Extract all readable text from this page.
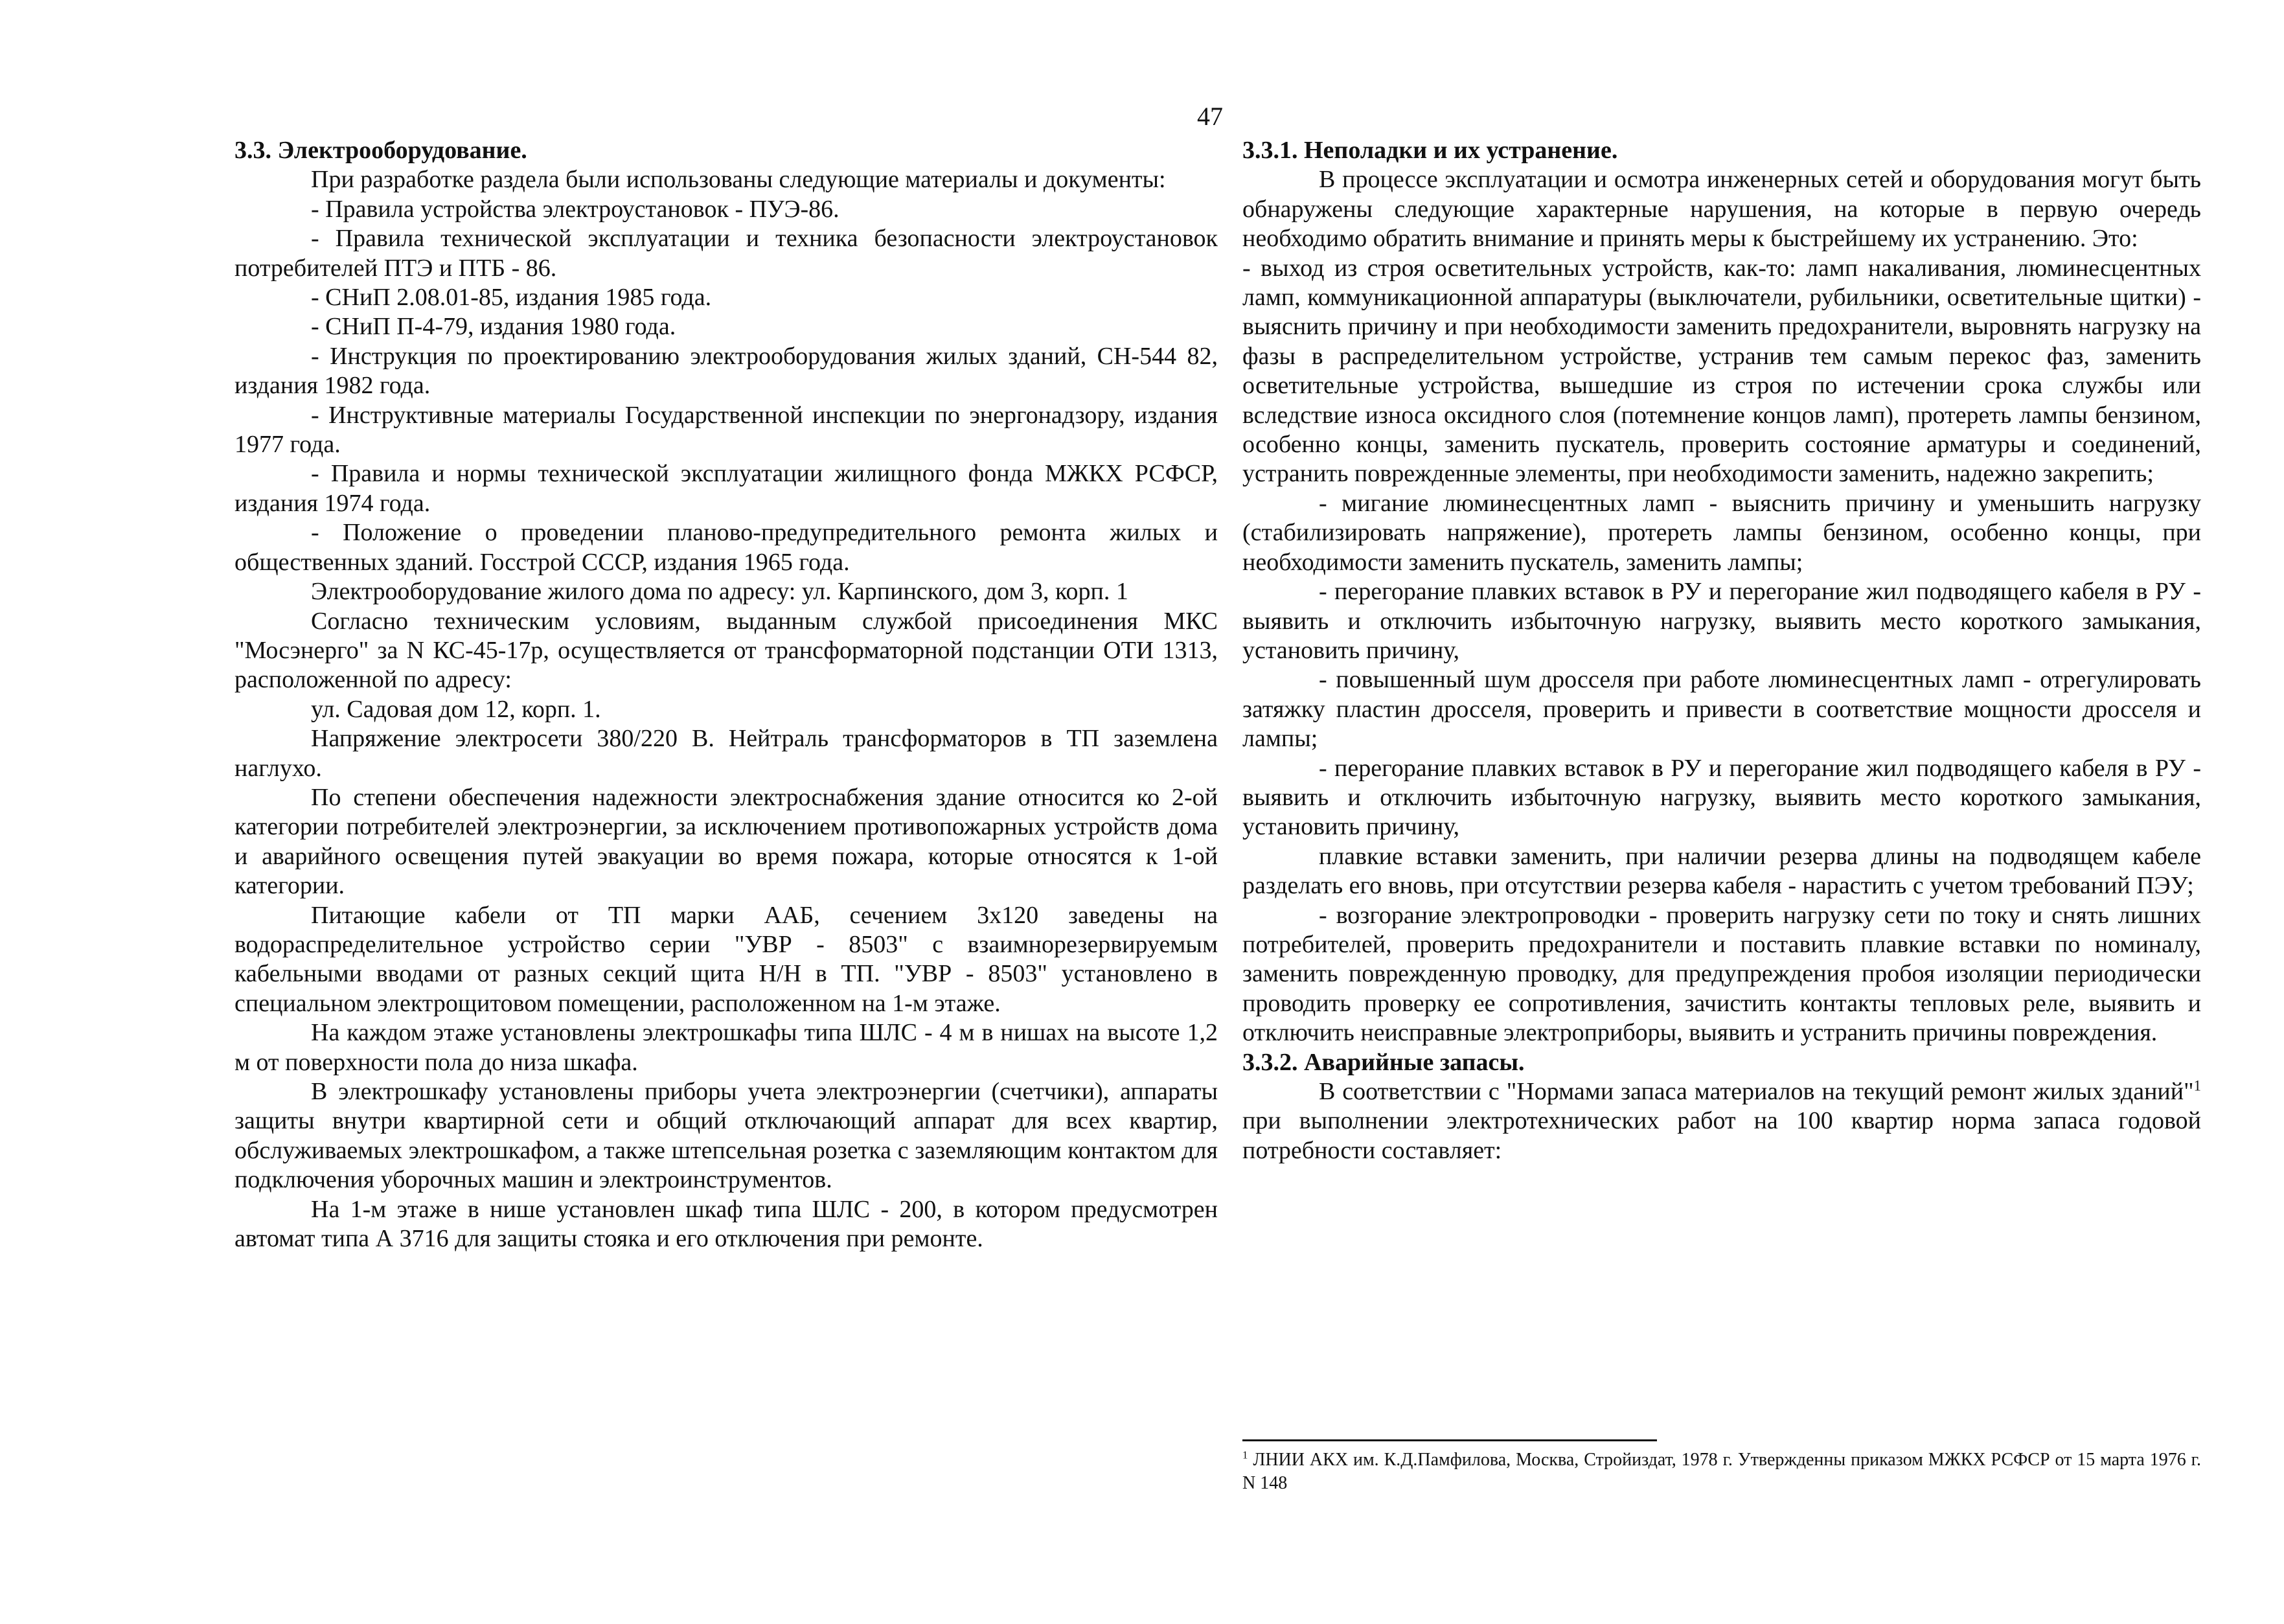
47

3.3. Электрооборудование.

При разработке раздела были использованы следующие материалы и документы:

- Правила устройства электроустановок - ПУЭ-86.

- Правила технической эксплуатации и техника безопасности электроустановок потребителей ПТЭ и ПТБ - 86.

- СНиП 2.08.01-85, издания 1985 года.

- СНиП П-4-79, издания 1980 года.

- Инструкция по проектированию электрооборудования жилых зданий, СН-544 82, издания 1982 года.

- Инструктивные материалы Государственной инспекции по энергонадзору, издания 1977 года.

- Правила и нормы технической эксплуатации жилищного фонда МЖКХ РСФСР, издания 1974 года.

- Положение о проведении планово-предупредительного ремонта жилых и общественных зданий. Госстрой СССР, издания 1965 года.

Электрооборудование жилого дома по адресу: ул. Карпинского, дом 3, корп. 1

Согласно техническим условиям, выданным службой присоединения МКС "Мосэнерго" за N КС-45-17р, осуществляется от трансформаторной подстанции ОТИ 1313, расположенной по адресу:

ул. Садовая дом 12, корп. 1.

Напряжение электросети 380/220 В. Нейтраль трансформаторов в ТП заземлена наглухо.

По степени обеспечения надежности электроснабжения здание относится ко 2-ой категории потребителей электроэнергии, за исключением противопожарных устройств дома и аварийного освещения путей эвакуации во время пожара, которые относятся к 1-ой категории.

Питающие кабели от ТП марки ААБ, сечением 3х120 заведены на водораспределительное устройство серии "УВР - 8503" с взаимнорезервируемым кабельными вводами от разных секций щита Н/Н в ТП. "УВР - 8503" установлено в специальном электрощитовом помещении, расположенном на 1-м этаже.

На каждом этаже установлены электрошкафы типа ШЛС - 4 м в нишах на высоте 1,2 м от поверхности пола до низа шкафа.

В электрошкафу установлены приборы учета электроэнергии (счетчики), аппараты защиты внутри квартирной сети и общий отключающий аппарат для всех квартир, обслуживаемых электрошкафом, а также штепсельная розетка с заземляющим контактом для подключения уборочных машин и электроинструментов.

На 1-м этаже в нише установлен шкаф типа ШЛС - 200, в котором предусмотрен автомат типа А 3716 для защиты стояка и его отключения при ремонте.

3.3.1. Неполадки и их устранение.

В процессе эксплуатации и осмотра инженерных сетей и оборудования могут быть обнаружены следующие характерные нарушения, на которые в первую очередь необходимо обратить внимание и принять меры к быстрейшему их устранению. Это:

- выход из строя осветительных устройств, как-то: ламп накаливания, люминесцентных ламп, коммуникационной аппаратуры (выключатели, рубильники, осветительные щитки) - выяснить причину и при необходимости заменить предохранители, выровнять нагрузку на фазы в распределительном устройстве, устранив тем самым перекос фаз, заменить осветительные устройства, вышедшие из строя по истечении срока службы или вследствие износа оксидного слоя (потемнение концов ламп), протереть лампы бензином, особенно концы, заменить пускатель, проверить состояние арматуры и соединений, устранить поврежденные элементы, при необходимости заменить, надежно закрепить;

- мигание люминесцентных ламп - выяснить причину и уменьшить нагрузку (стабилизировать напряжение), протереть лампы бензином, особенно концы, при необходимости заменить пускатель, заменить лампы;

- перегорание плавких вставок в РУ и перегорание жил подводящего кабеля в РУ - выявить и отключить избыточную нагрузку, выявить место короткого замыкания, установить причину,

- повышенный шум дросселя при работе люминесцентных ламп - отрегулировать затяжку пластин дросселя, проверить и привести в соответствие мощности дросселя и лампы;

- перегорание плавких вставок в РУ и перегорание жил подводящего кабеля в РУ - выявить и отключить избыточную нагрузку, выявить место короткого замыкания, установить причину,

плавкие вставки заменить, при наличии резерва длины на подводящем кабеле разделать его вновь, при отсутствии резерва кабеля - нарастить с учетом требований ПЭУ;

- возгорание электропроводки - проверить нагрузку сети по току и снять лишних потребителей, проверить предохранители и поставить плавкие вставки по номиналу, заменить поврежденную проводку, для предупреждения пробоя изоляции периодически проводить проверку ее сопротивления, зачистить контакты тепловых реле, выявить и отключить неисправные электроприборы, выявить и устранить причины повреждения.

3.3.2. Аварийные запасы.

В соответствии с "Нормами запаса материалов на текущий ремонт жилых зданий"$^1$ при выполнении электротехнических работ на 100 квартир норма запаса годовой потребности составляет:

$^1$ ЛНИИ АКХ им. К.Д.Памфилова, Москва, Стройиздат, 1978 г. Утвержденны приказом МЖКХ РСФСР от 15 марта 1976 г. N 148
